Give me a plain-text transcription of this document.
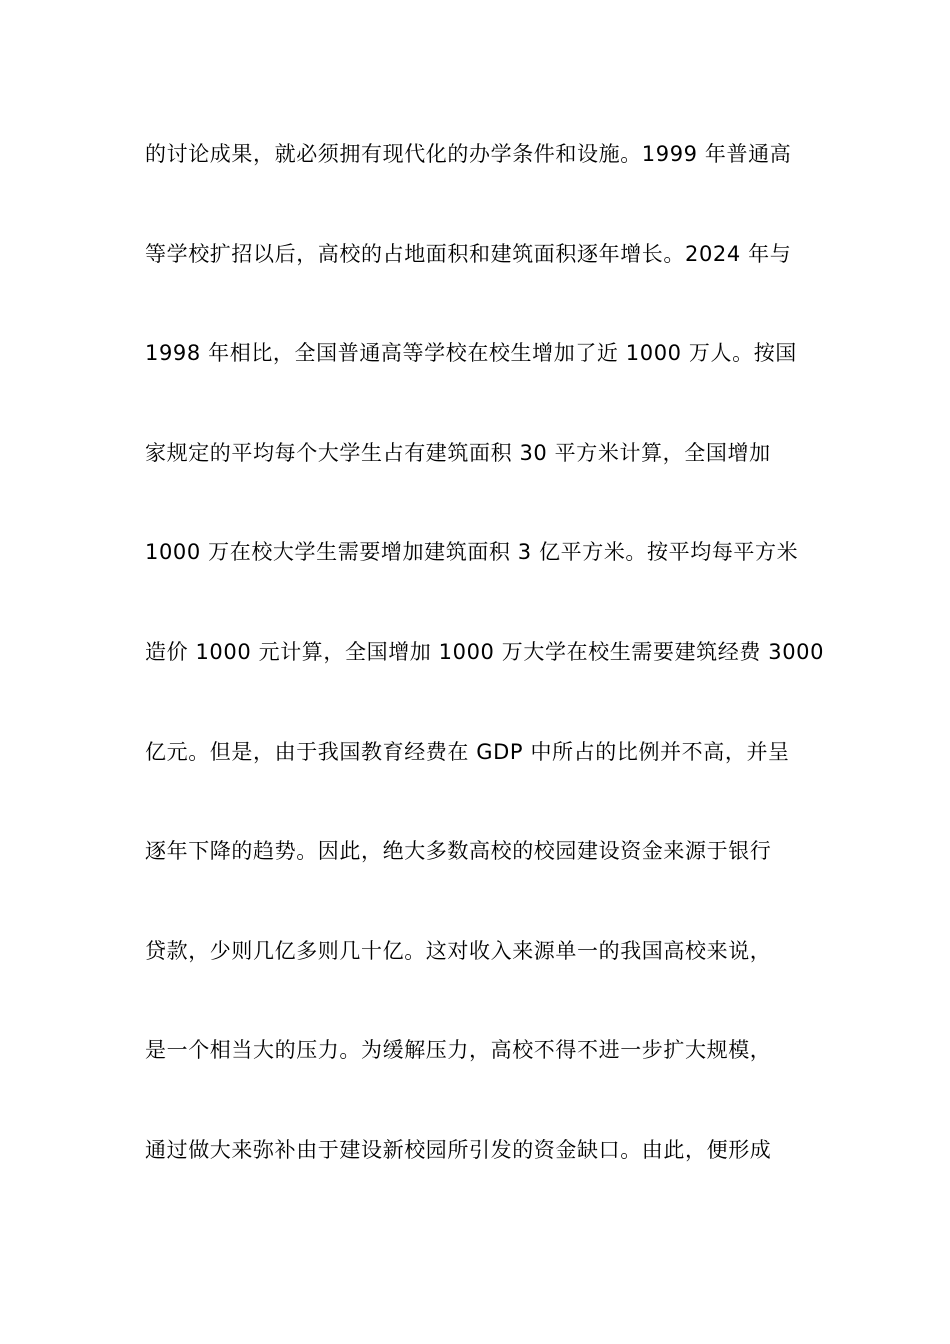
的讨论成果，就必须拥有现代化的办学条件和设施。1999 年普通高
等学校扩招以后，高校的占地面积和建筑面积逐年增长。2024 年与
1998 年相比，全国普通高等学校在校生增加了近 1000 万人。按国
家规定的平均每个大学生占有建筑面积 30 平方米计算，全国增加
1000 万在校大学生需要增加建筑面积 3 亿平方米。按平均每平方米
造价 1000 元计算，全国增加 1000 万大学在校生需要建筑经费 3000
亿元。但是，由于我国教育经费在 GDP 中所占的比例并不高，并呈
逐年下降的趋势。因此，绝大多数高校的校园建设资金来源于银行
贷款，少则几亿多则几十亿。这对收入来源单一的我国高校来说，
是一个相当大的压力。为缓解压力，高校不得不进一步扩大规模，
通过做大来弥补由于建设新校园所引发的资金缺口。由此，便形成
